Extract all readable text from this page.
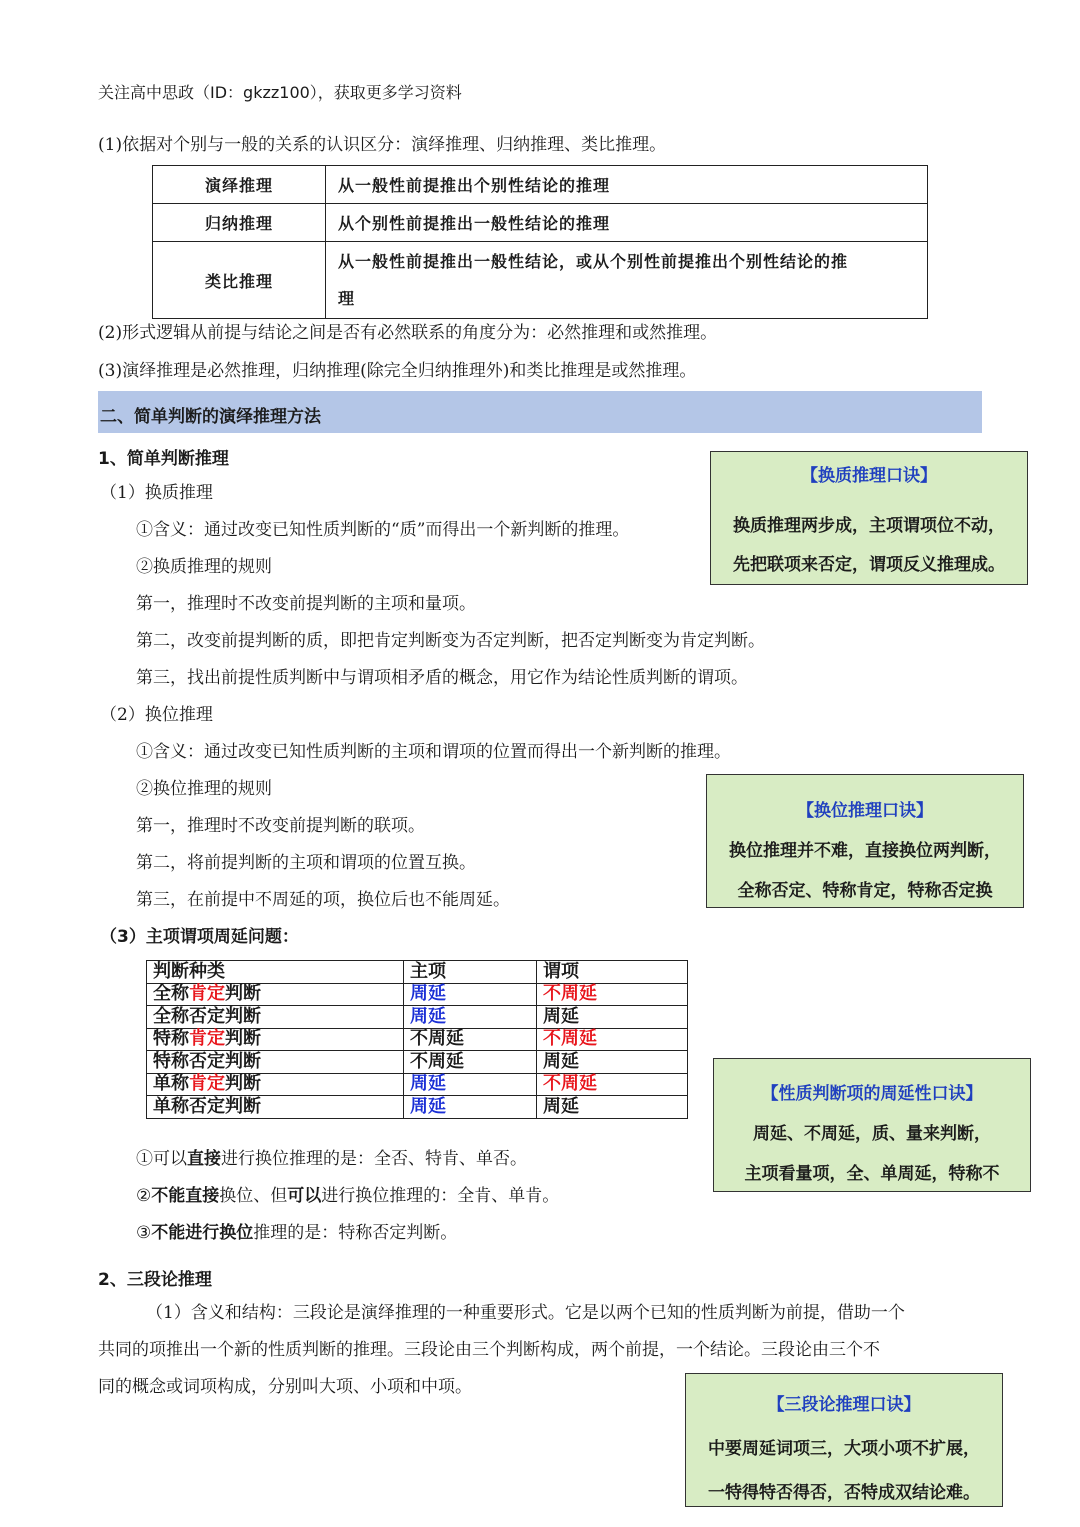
关注高中思政（ID：gkzz100），获取更多学习资料
(1)依据对个别与一般的关系的认识区分：演绎推理、归纳推理、类比推理。
演绎推理	从一般性前提推出个别性结论的推理
归纳推理	从个别性前提推出一般性结论的推理
类比推理	从一般性前提推出一般性结论，或从个别性前提推出个别性结论的推
理
(2)形式逻辑从前提与结论之间是否有必然联系的角度分为：必然推理和或然推理。
(3)演绎推理是必然推理，归纳推理(除完全归纳推理外)和类比推理是或然推理。
二、简单判断的演绎推理方法
1、简单判断推理
（1）换质推理
①含义：通过改变已知性质判断的“质”而得出一个新判断的推理。
②换质推理的规则
第一，推理时不改变前提判断的主项和量项。
第二，改变前提判断的质，即把肯定判断变为否定判断，把否定判断变为肯定判断。
第三，找出前提性质判断中与谓项相矛盾的概念，用它作为结论性质判断的谓项。
（2）换位推理
①含义：通过改变已知性质判断的主项和谓项的位置而得出一个新判断的推理。
②换位推理的规则
第一，推理时不改变前提判断的联项。
第二，将前提判断的主项和谓项的位置互换。
第三，在前提中不周延的项，换位后也不能周延。
（3）主项谓项周延问题：
判断种类	主项	谓项
全称肯定判断	周延	不周延
全称否定判断	周延	周延
特称肯定判断	不周延	不周延
特称否定判断	不周延	周延
单称肯定判断	周延	不周延
单称否定判断	周延	周延
①可以直接进行换位推理的是：全否、特肯、单否。
②不能直接换位、但可以进行换位推理的：全肯、单肯。
③不能进行换位推理的是：特称否定判断。
2、三段论推理
（1）含义和结构：三段论是演绎推理的一种重要形式。它是以两个已知的性质判断为前提，借助一个
共同的项推出一个新的性质判断的推理。三段论由三个判断构成，两个前提，一个结论。三段论由三个不
同的概念或词项构成，分别叫大项、小项和中项。
【换质推理口诀】
换质推理两步成，主项谓项位不动，
先把联项来否定，谓项反义推理成。
【换位推理口诀】
换位推理并不难，直接换位两判断，
全称否定、特称肯定，特称否定换
【性质判断项的周延性口诀】
周延、不周延，质、量来判断，
主项看量项，全、单周延，特称不
【三段论推理口诀】
中要周延词项三，大项小项不扩展，
一特得特否得否，否特成双结论难。
